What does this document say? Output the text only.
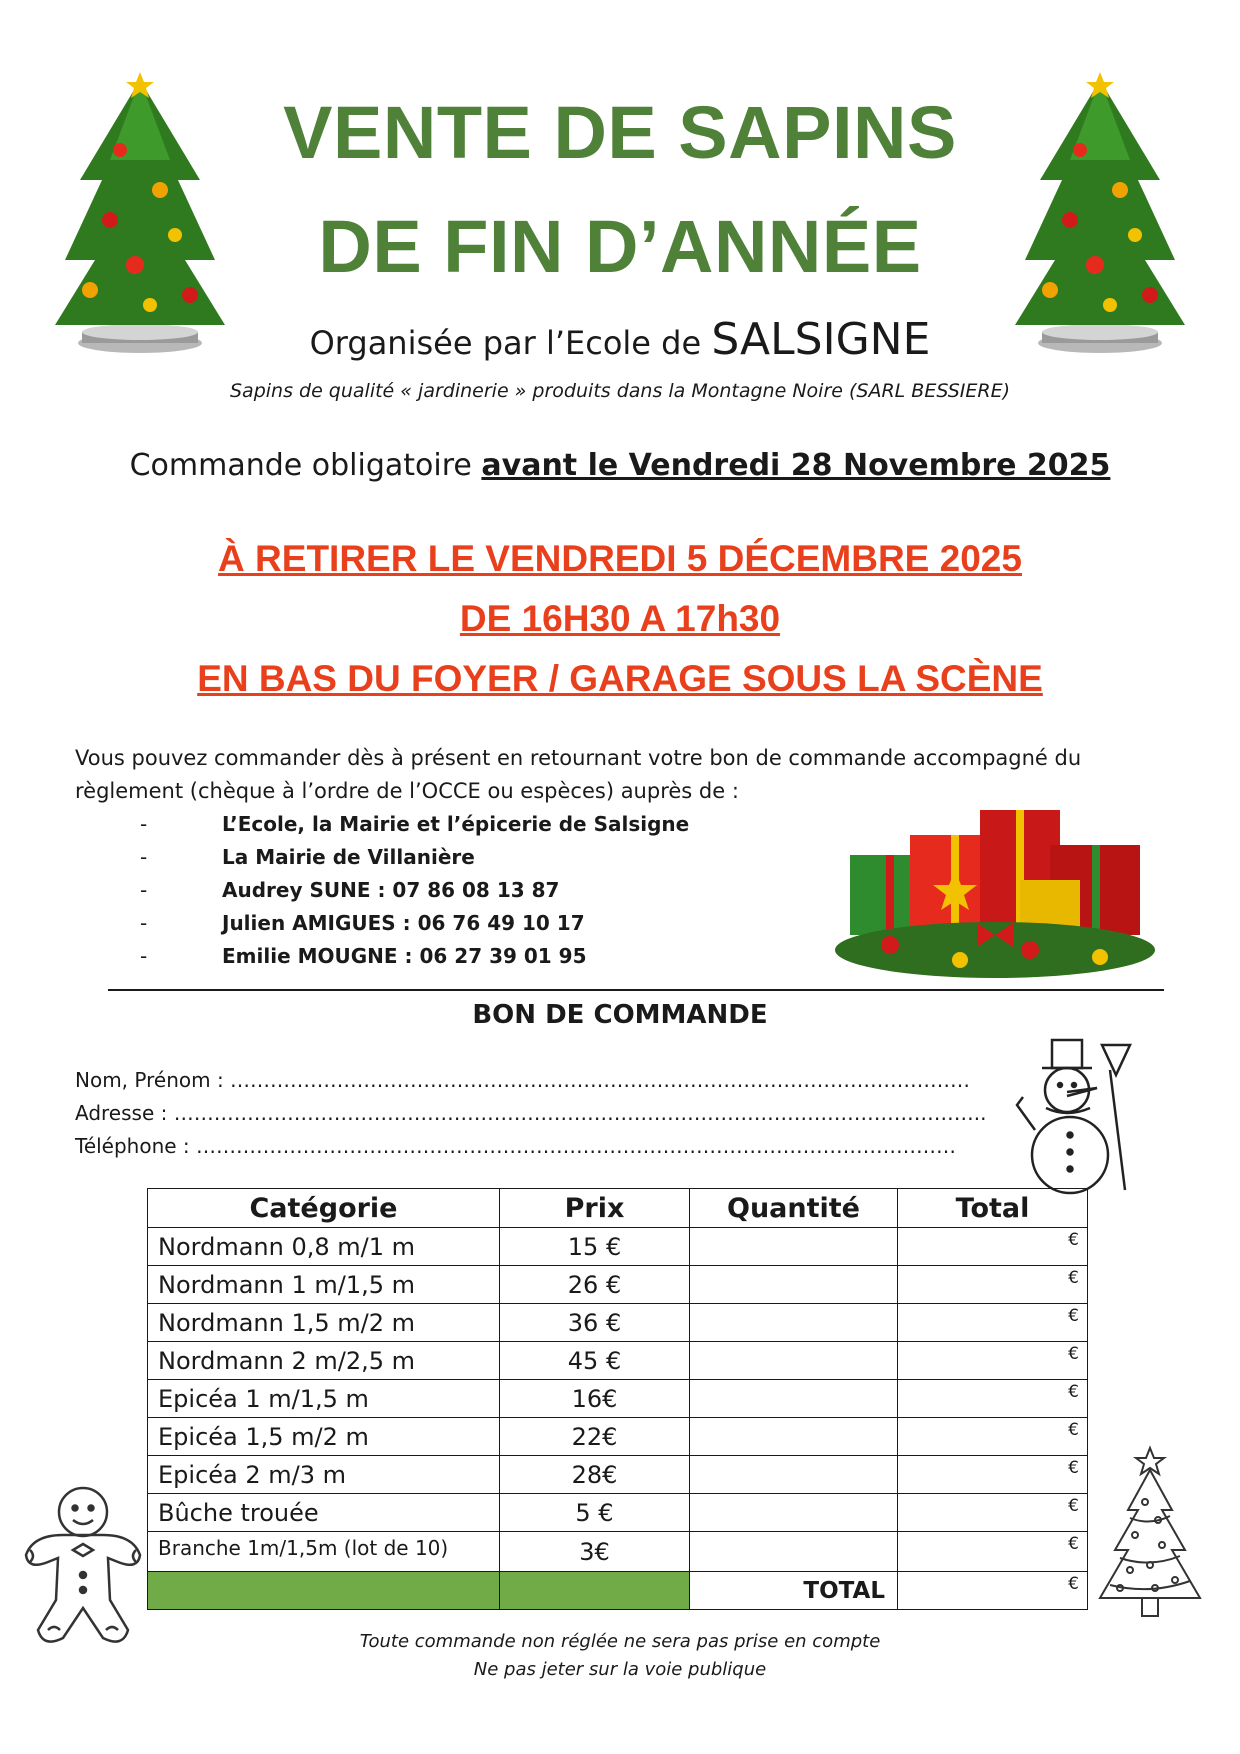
VENTE DE SAPINS
DE FIN D’ANNÉE
Organisée par l’Ecole de SALSIGNE
Sapins de qualité « jardinerie » produits dans la Montagne Noire (SARL BESSIERE)
Commande obligatoire avant le Vendredi 28 Novembre 2025
À RETIRER LE VENDREDI 5 DÉCEMBRE 2025
DE 16H30 A 17h30
EN BAS DU FOYER / GARAGE SOUS LA SCÈNE
Vous pouvez commander dès à présent en retournant votre bon de commande accompagné du règlement (chèque à l’ordre de l’OCCE ou espèces) auprès de :
-	L’Ecole, la Mairie et l’épicerie de Salsigne
-	La Mairie de Villanière
-	Audrey SUNE : 07 86 08 13 87
-	Julien AMIGUES : 06 76 49 10 17
-	Emilie MOUGNE : 06 27 39 01 95
BON DE COMMANDE
Nom, Prénom : …………………………………………………………………………………………………
Adresse : …………………………………………………………………………………………………………..
Téléphone : ……………………………………………………………………………………………………
Catégorie	Prix	Quantité	Total
Nordmann 0,8 m/1 m	15 €		€
Nordmann 1 m/1,5 m	26 €		€
Nordmann 1,5 m/2 m	36 €		€
Nordmann 2 m/2,5 m	45 €		€
Epicéa 1 m/1,5 m	16€		€
Epicéa 1,5 m/2 m	22€		€
Epicéa 2 m/3 m	28€		€
Bûche trouée	5 €		€
Branche 1m/1,5m (lot de 10)	3€		€
		TOTAL	€
Toute commande non réglée ne sera pas prise en compte
Ne pas jeter sur la voie publique
